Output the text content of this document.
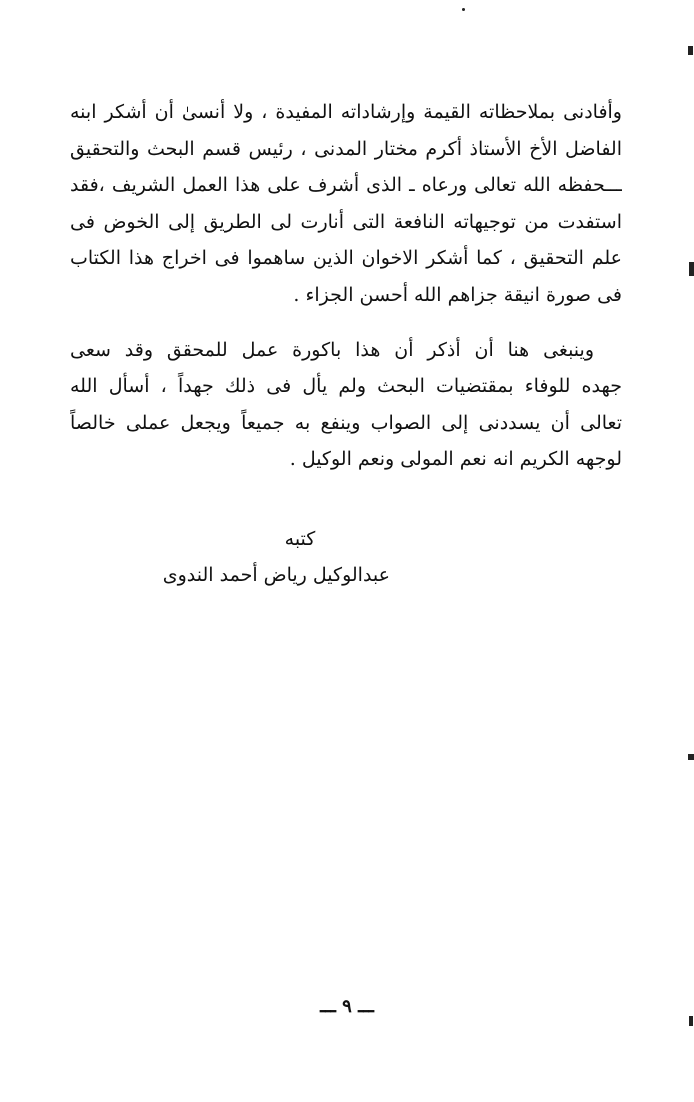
وأفادنى بملاحظاته القيمة وإرشاداته المفيدة ، ولا أنسىٰ أن أشكر ابنه
الفاضل الأخ الأستاذ أكرم مختار المدنى ، رئيس قسم البحث والتحقيق
ـــحفظه الله تعالى ورعاه ـ الذى أشرف على هذا العمل الشريف ،فقد
استفدت من توجيهاته النافعة التى أنارت لى الطريق إلى الخوض فى
علم التحقيق ، كما أشكر الاخوان الذين ساهموا فى اخراج هذا الكتاب
فى صورة انيقة جزاهم الله أحسن الجزاء .
وينبغى هنا أن أذكر أن هذا باكورة عمل للمحقق وقد سعى
جهده للوفاء بمقتضيات البحث ولم يأل فى ذلك جهداً ، أسأل الله
تعالى أن يسددنى إلى الصواب وينفع به جميعاً ويجعل عملى خالصاً
لوجهه الكريم انه نعم المولى ونعم الوكيل .
كتبه
عبدالوكيل رياض أحمد الندوى
ـــ ٩ ـــ
